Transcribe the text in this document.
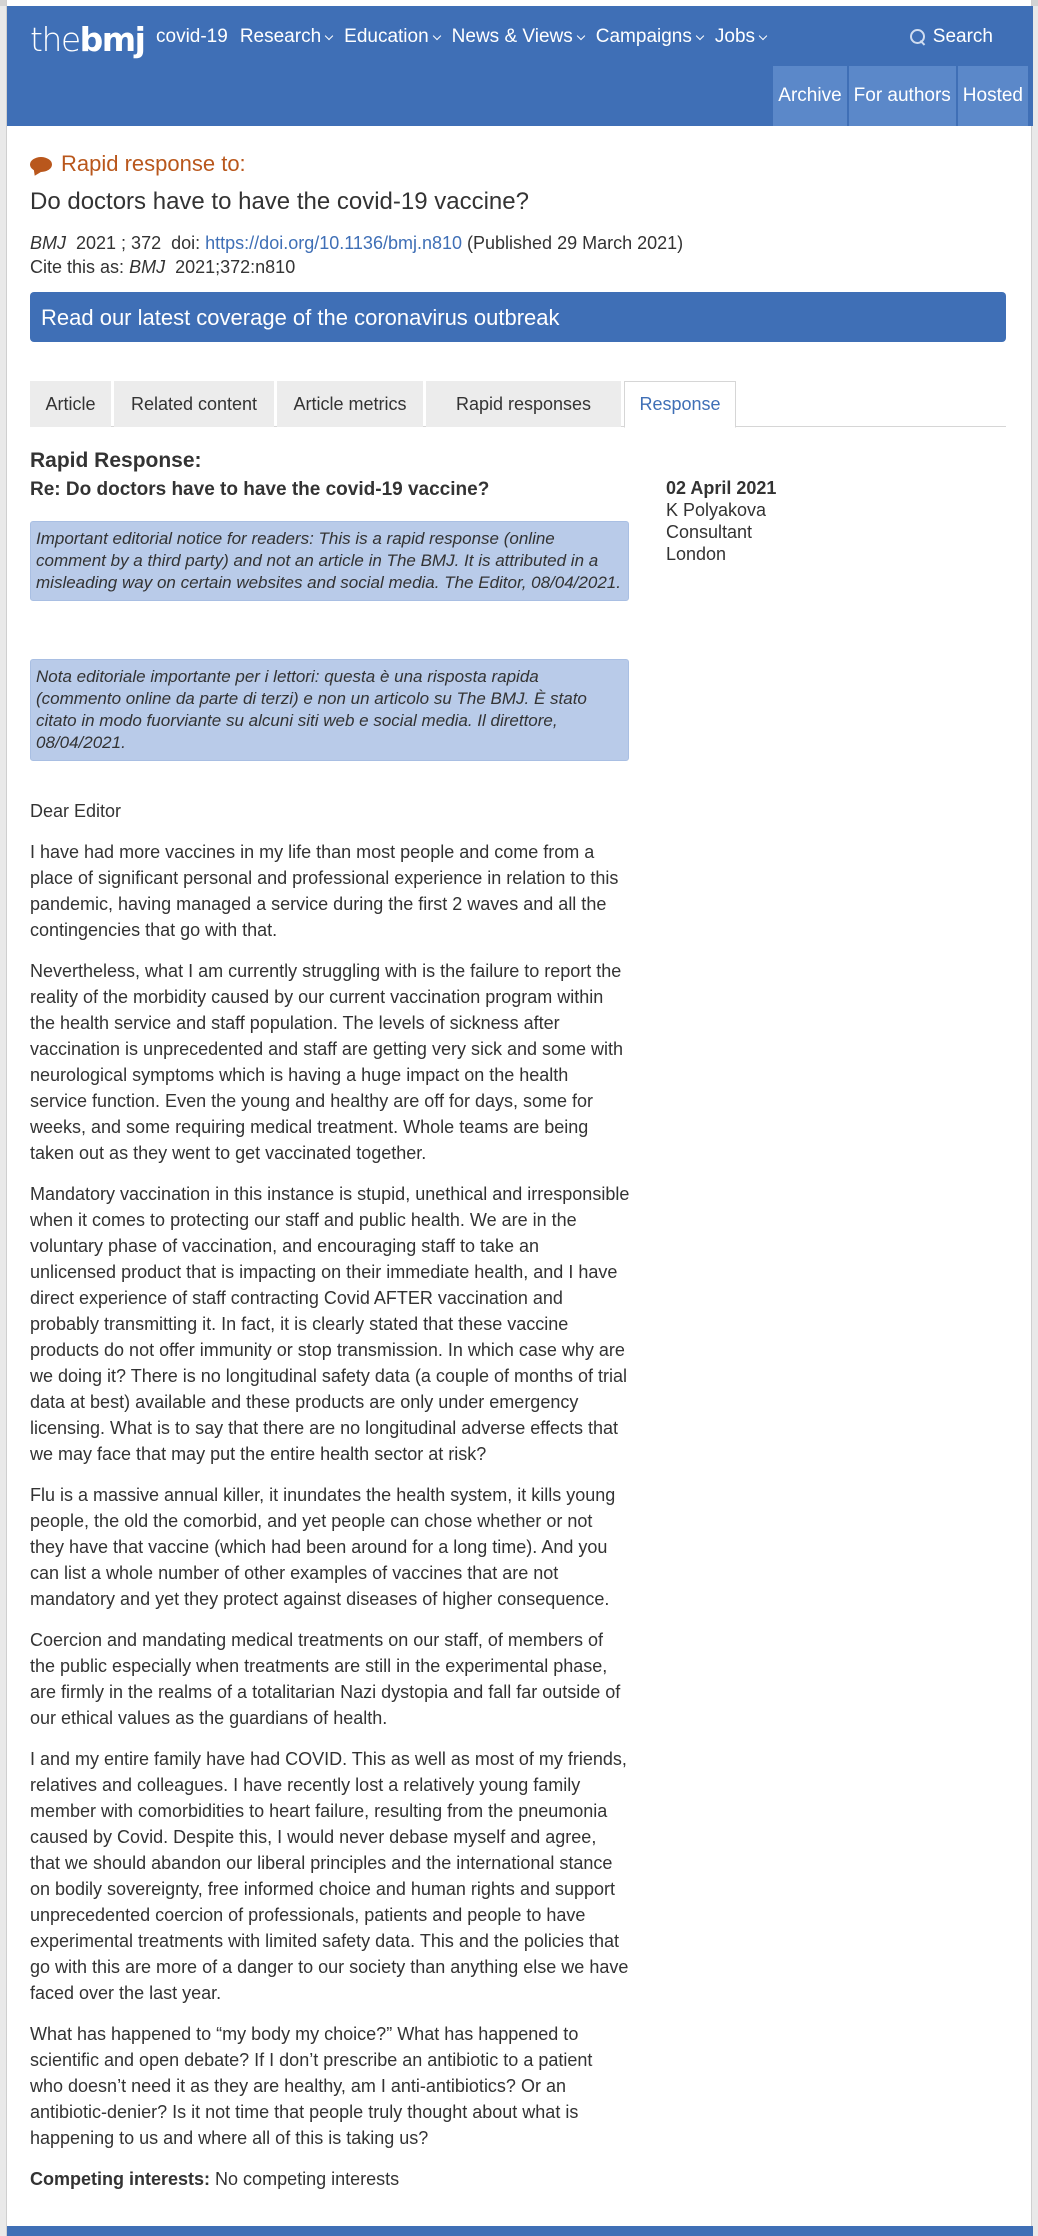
thebmj covid-19 Research Education News & Views Campaigns Jobs	Search
Archive For authors Hosted
Rapid response to:
Do doctors have to have the covid-19 vaccine?
BMJ 2021 ; 372 doi: https://doi.org/10.1136/bmj.n810 (Published 29 March 2021)
Cite this as: BMJ 2021;372:n810
Read our latest coverage of the coronavirus outbreak
Article	Related content	Article metrics	Rapid responses	Response
Rapid Response:
Re: Do doctors have to have the covid-19 vaccine?
Important editorial notice for readers: This is a rapid response (online comment by a third party) and not an article in The BMJ. It is attributed in a misleading way on certain websites and social media. The Editor, 08/04/2021.
Nota editoriale importante per i lettori: questa è una risposta rapida (commento online da parte di terzi) e non un articolo su The BMJ. È stato citato in modo fuorviante su alcuni siti web e social media. Il direttore, 08/04/2021.
02 April 2021
K Polyakova
Consultant
London

Dear Editor

I have had more vaccines in my life than most people and come from a place of significant personal and professional experience in relation to this pandemic, having managed a service during the first 2 waves and all the contingencies that go with that.

Nevertheless, what I am currently struggling with is the failure to report the reality of the morbidity caused by our current vaccination program within the health service and staff population. The levels of sickness after vaccination is unprecedented and staff are getting very sick and some with neurological symptoms which is having a huge impact on the health service function. Even the young and healthy are off for days, some for weeks, and some requiring medical treatment. Whole teams are being taken out as they went to get vaccinated together.

Mandatory vaccination in this instance is stupid, unethical and irresponsible when it comes to protecting our staff and public health. We are in the voluntary phase of vaccination, and encouraging staff to take an unlicensed product that is impacting on their immediate health, and I have direct experience of staff contracting Covid AFTER vaccination and probably transmitting it. In fact, it is clearly stated that these vaccine products do not offer immunity or stop transmission. In which case why are we doing it? There is no longitudinal safety data (a couple of months of trial data at best) available and these products are only under emergency licensing. What is to say that there are no longitudinal adverse effects that we may face that may put the entire health sector at risk?

Flu is a massive annual killer, it inundates the health system, it kills young people, the old the comorbid, and yet people can chose whether or not they have that vaccine (which had been around for a long time). And you can list a whole number of other examples of vaccines that are not mandatory and yet they protect against diseases of higher consequence.

Coercion and mandating medical treatments on our staff, of members of the public especially when treatments are still in the experimental phase, are firmly in the realms of a totalitarian Nazi dystopia and fall far outside of our ethical values as the guardians of health.

I and my entire family have had COVID. This as well as most of my friends, relatives and colleagues. I have recently lost a relatively young family member with comorbidities to heart failure, resulting from the pneumonia caused by Covid. Despite this, I would never debase myself and agree, that we should abandon our liberal principles and the international stance on bodily sovereignty, free informed choice and human rights and support unprecedented coercion of professionals, patients and people to have experimental treatments with limited safety data. This and the policies that go with this are more of a danger to our society than anything else we have faced over the last year.

What has happened to “my body my choice?” What has happened to scientific and open debate? If I don’t prescribe an antibiotic to a patient who doesn’t need it as they are healthy, am I anti-antibiotics? Or an antibiotic-denier? Is it not time that people truly thought about what is happening to us and where all of this is taking us?

Competing interests: No competing interests
